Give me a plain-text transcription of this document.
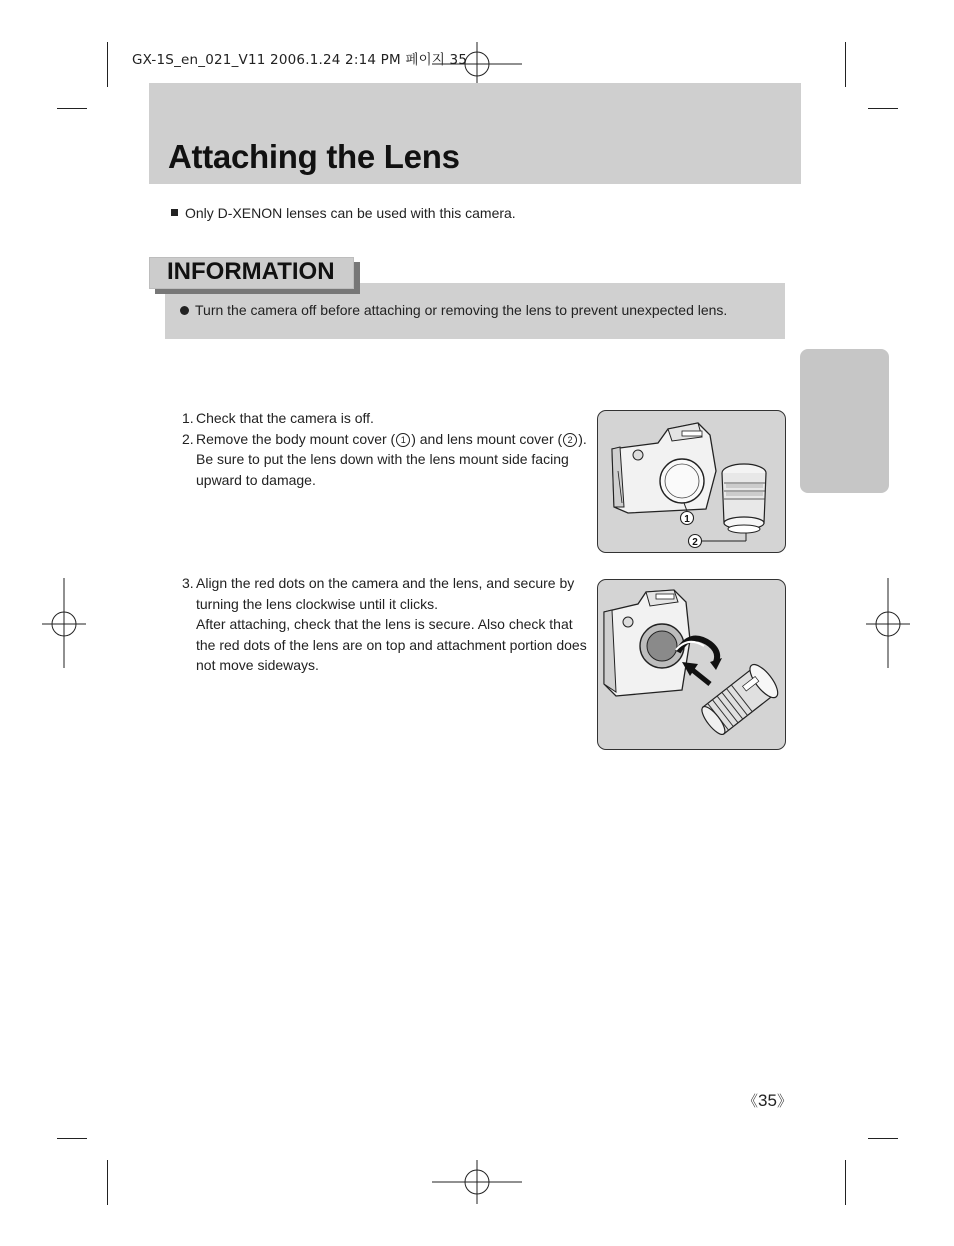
GX-1S_en_021_V11 2006.1.24 2:14 PM 페이지 35
Attaching the Lens
Only D-XENON lenses can be used with this camera.
INFORMATION
Turn the camera off before attaching or removing the lens to prevent unexpected lens.
1. Check that the camera is off.
2. Remove the body mount cover ( 1 ) and lens mount cover ( 2 ).
Be sure to put the lens down with the lens mount side facing
upward to damage.
3. Align the red dots on the camera and the lens, and secure by
turning the lens clockwise until it clicks.
After attaching, check that the lens is secure. Also check that
the red dots of the lens are on top and attachment portion does
not move sideways.
1
2
《35》
